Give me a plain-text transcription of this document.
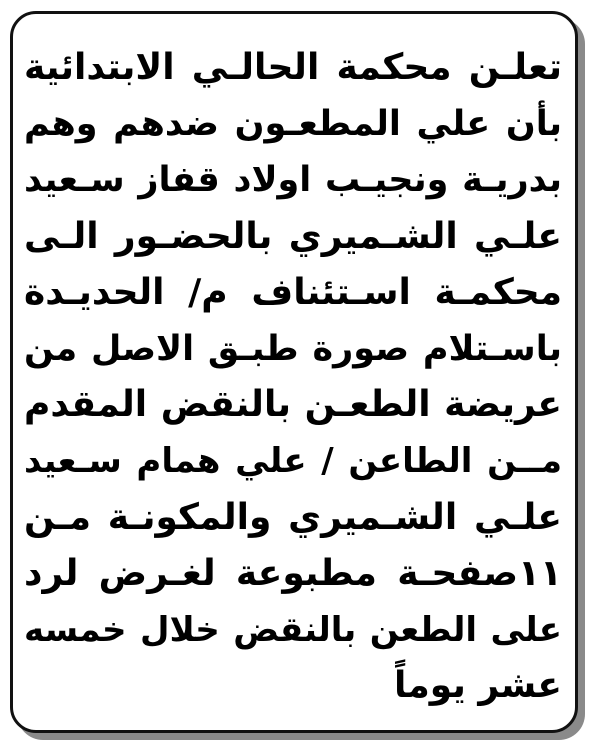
تعلـن محكمة الحالـي الابتدائية
بأن علي المطعـون ضدهم وهم
بدريـة ونجيـب اولاد قفاز سـعيد
علـي الشـميري بالحضـور الـى
محكمـة اسـتئناف م/ الحديـدة
باسـتلام صورة طبـق الاصل من
عريضة الطعـن بالنقض المقدم
مــن الطاعن / علي همام سـعيد
علـي الشـميري والمكونـة مـن
١١صفحـة مطبوعة لغـرض لرد
على الطعن بالنقض خلال خمسه
عشر يوماً
